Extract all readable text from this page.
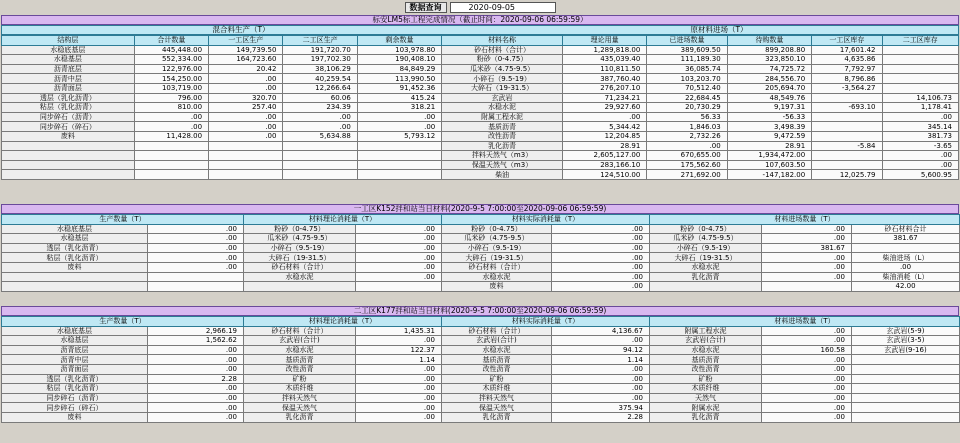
数据查询	2020-09-05
标安LM5标工程完成情况（截止时间：2020-09-06 06:59:59）
混合料生产（T）	原材料进场（T）
结构层	合计数量	一工区生产	二工区生产	剩余数量	材料名称	理论用量	已进场数量	待购数量	一工区库存	二工区库存
水稳底基层	445,448.00	149,739.50	191,720.70	103,978.80	砂石材料（合计）	1,289,818.00	389,609.50	899,208.80	17,601.42	
水稳基层	552,334.00	164,723.60	197,702.30	190,408.10	粉砂（0-4.75）	435,039.40	111,189.30	323,850.10	4,635.86	
沥青底层	122,976.00	20.42	38,106.29	84,849.29	瓜米砂（4.75-9.5）	110,811.50	36,085.74	74,725.72	7,792.97	
沥青中层	154,250.00	.00	40,259.54	113,990.50	小碎石（9.5-19）	387,760.40	103,203.70	284,556.70	8,796.86	
沥青面层	103,719.00	.00	12,266.64	91,452.36	大碎石（19-31.5）	276,207.10	70,512.40	205,694.70	-3,564.27	
透层（乳化沥青）	796.00	320.70	60.06	415.24	玄武岩	71,234.21	22,684.45	48,549.76		14,106.73
粘层（乳化沥青）	810.00	257.40	234.39	318.21	水稳水泥	29,927.60	20,730.29	9,197.31	-693.10	1,178.41
同步碎石（沥青）	.00	.00	.00	.00	附属工程水泥	.00	56.33	-56.33		.00
同步碎石（碎石）	.00	.00	.00	.00	基质沥青	5,344.42	1,846.03	3,498.39		345.14
废料	11,428.00	.00	5,634.88	5,793.12	改性沥青	12,204.85	2,732.26	9,472.59		381.73
					乳化沥青	28.91	.00	28.91	-5.84	-3.65
					拌料天然气（m3）	2,605,127.00	670,655.00	1,934,472.00		.00
					保温天然气（m3）	283,166.10	175,562.60	107,603.50		.00
					柴油	124,510.00	271,692.00	-147,182.00	12,025.79	5,600.95
一工区K152拌和站当日材料(2020-9-5 7:00:00至2020-09-06 06:59:59)
生产数量（T）		材料理论消耗量（T）		材料实际消耗量（T）		材料进场数量（T）		
水稳底基层	.00	粉砂（0-4.75）	.00	粉砂（0-4.75）	.00	粉砂（0-4.75）	.00	砂石材料合计
水稳基层	.00	瓜米砂（4.75-9.5）	.00	瓜米砂（4.75-9.5）	.00	瓜米砂（4.75-9.5）	.00	381.67
透层（乳化沥青）	.00	小碎石（9.5-19）	.00	小碎石（9.5-19）	.00	小碎石（9.5-19）	381.67	
粘层（乳化沥青）	.00	大碎石（19-31.5）	.00	大碎石（19-31.5）	.00	大碎石（19-31.5）	.00	柴油进场（L）
废料	.00	砂石材料（合计）	.00	砂石材料（合计）	.00	水稳水泥	.00	.00
		水稳水泥	.00	水稳水泥	.00	乳化沥青	.00	柴油消耗（L）
				废料	.00			42.00
二工区K177拌和站当日材料(2020-9-5 7:00:00至2020-09-06 06:59:59)
生产数量（T）		材料理论消耗量（T）		材料实际消耗量（T）		材料进场数量（T）		
水稳底基层	2,966.19	砂石材料（合计）	1,435.31	砂石材料（合计）	4,136.67	附属工程水泥	.00	玄武岩(5-9)
水稳基层	1,562.62	玄武岩(合计)	.00	玄武岩(合计)	.00	玄武岩(合计)	.00	玄武岩(3-5)
沥青底层	.00	水稳水泥	122.37	水稳水泥	94.12	水稳水泥	160.58	玄武岩(9-16)
沥青中层	.00	基质沥青	1.14	基质沥青	1.14	基质沥青	.00	
沥青面层	.00	改性沥青	.00	改性沥青	.00	改性沥青	.00	
透层（乳化沥青）	2.28	矿粉	.00	矿粉	.00	矿粉	.00	
粘层（乳化沥青）	.00	木质纤维	.00	木质纤维	.00	木质纤维	.00	
同步碎石（沥青）	.00	拌料天然气	.00	拌料天然气	.00	天然气	.00	
同步碎石（碎石）	.00	保温天然气	.00	保温天然气	375.94	附属水泥	.00	
废料	.00	乳化沥青	.00	乳化沥青	2.28	乳化沥青	.00	
